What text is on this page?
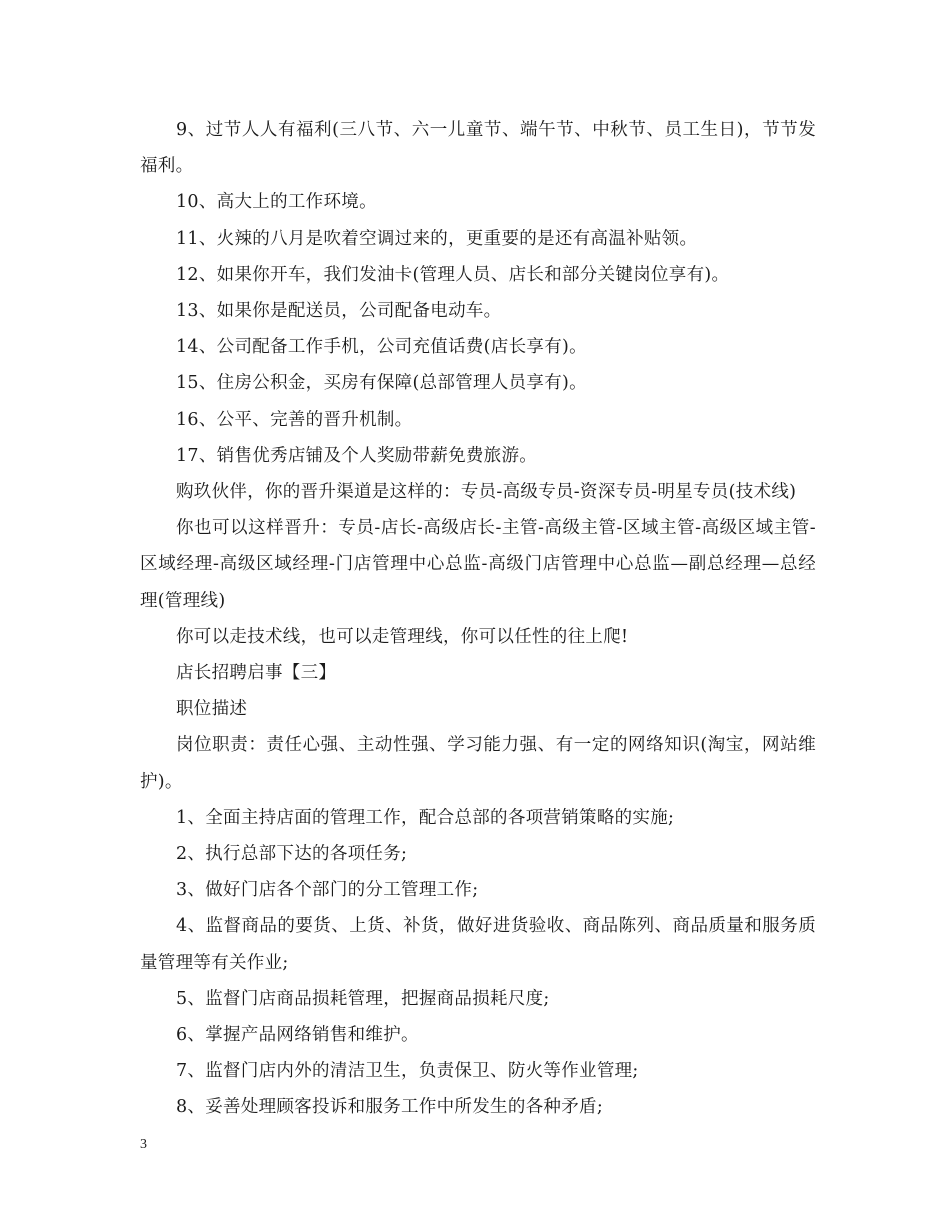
9、过节人人有福利(三八节、六一儿童节、端午节、中秋节、员工生日)，节节发福利。

10、高大上的工作环境。

11、火辣的八月是吹着空调过来的，更重要的是还有高温补贴领。

12、如果你开车，我们发油卡(管理人员、店长和部分关键岗位享有)。

13、如果你是配送员，公司配备电动车。

14、公司配备工作手机，公司充值话费(店长享有)。

15、住房公积金，买房有保障(总部管理人员享有)。

16、公平、完善的晋升机制。

17、销售优秀店铺及个人奖励带薪免费旅游。

购玖伙伴，你的晋升渠道是这样的：专员-高级专员-资深专员-明星专员(技术线)

你也可以这样晋升：专员-店长-高级店长-主管-高级主管-区域主管-高级区域主管-区域经理-高级区域经理-门店管理中心总监-高级门店管理中心总监—副总经理—总经理(管理线)

你可以走技术线，也可以走管理线，你可以任性的往上爬!

店长招聘启事【三】

职位描述

岗位职责：责任心强、主动性强、学习能力强、有一定的网络知识(淘宝，网站维护)。

1、全面主持店面的管理工作，配合总部的各项营销策略的实施;

2、执行总部下达的各项任务;

3、做好门店各个部门的分工管理工作;

4、监督商品的要货、上货、补货，做好进货验收、商品陈列、商品质量和服务质量管理等有关作业;

5、监督门店商品损耗管理，把握商品损耗尺度;

6、掌握产品网络销售和维护。

7、监督门店内外的清洁卫生，负责保卫、防火等作业管理;

8、妥善处理顾客投诉和服务工作中所发生的各种矛盾;

3
